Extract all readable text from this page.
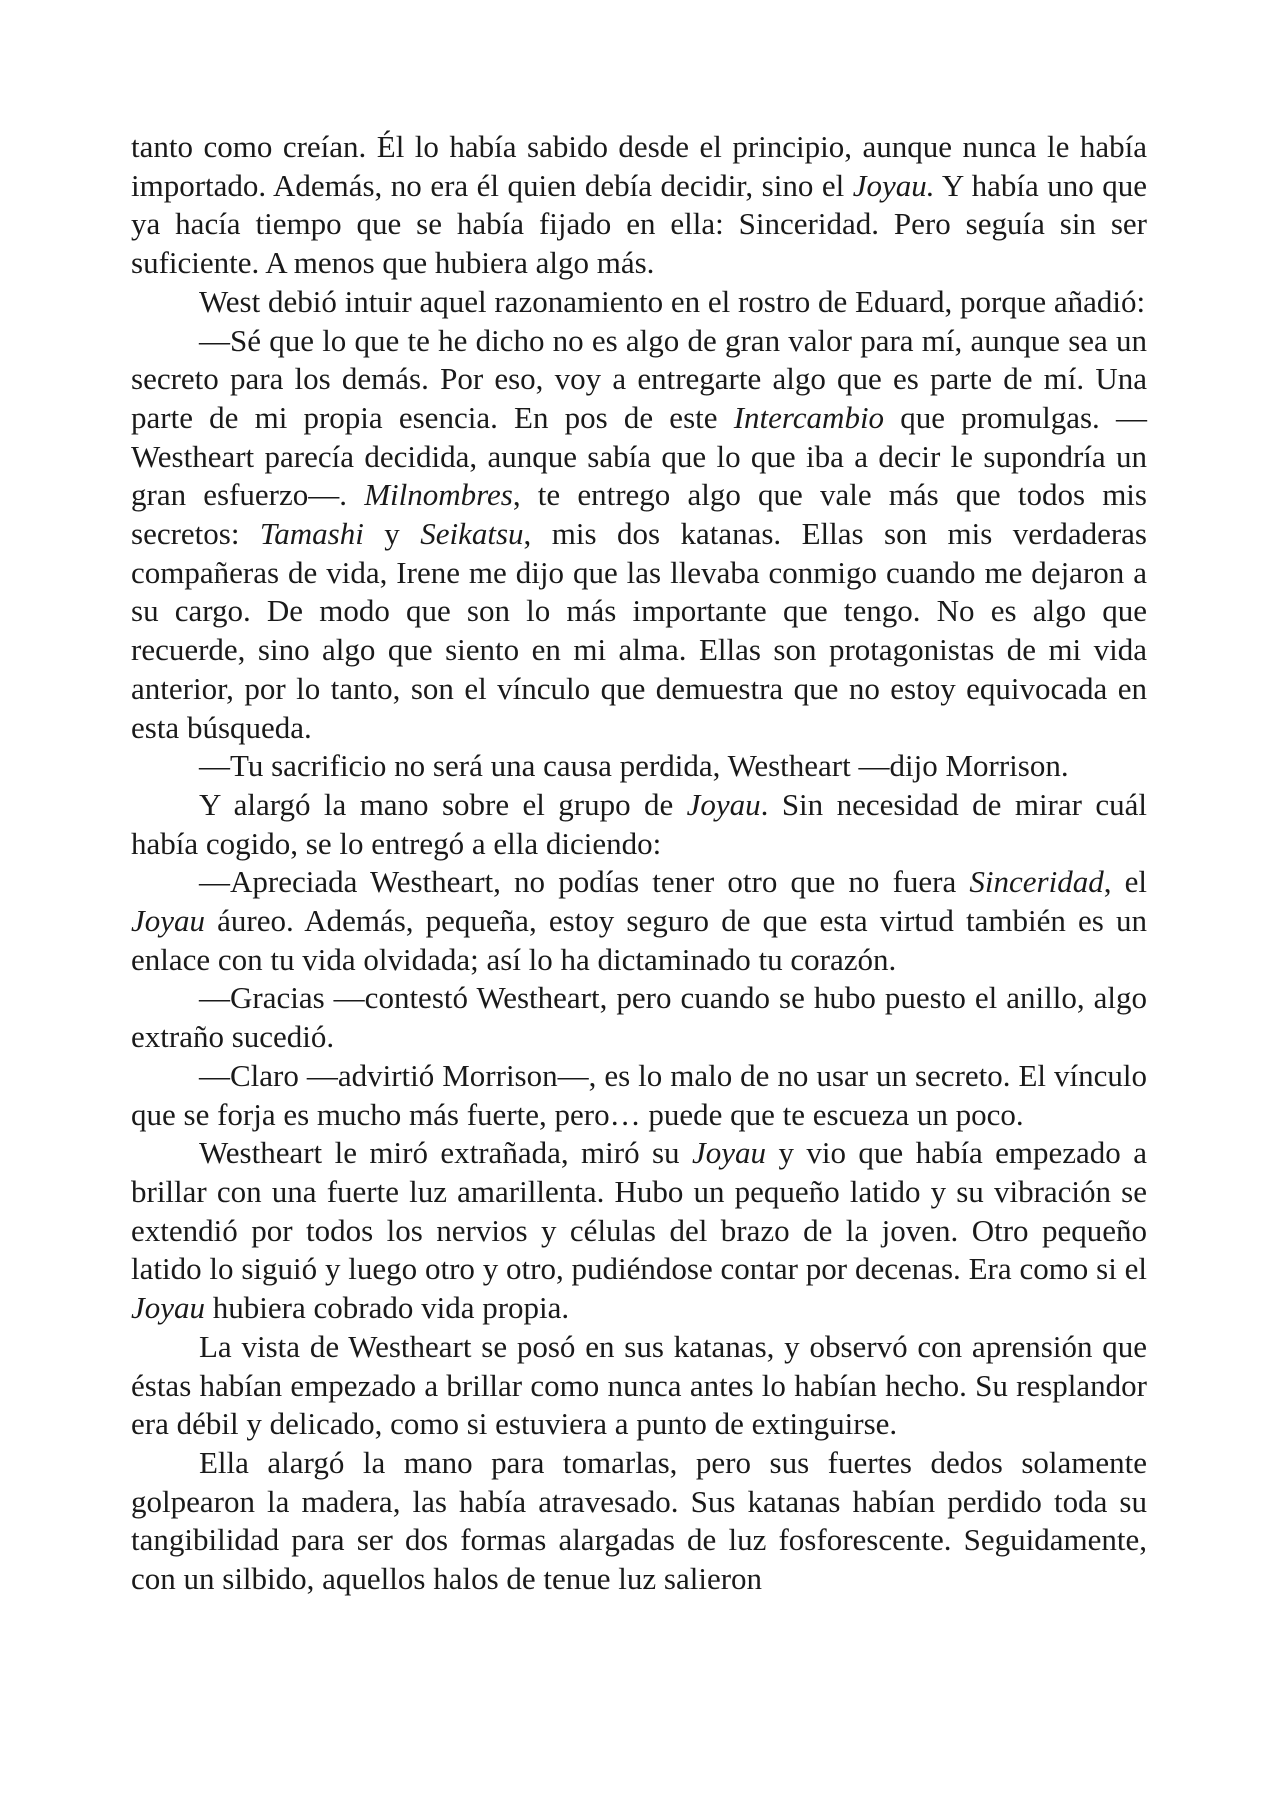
tanto como creían. Él lo había sabido desde el principio, aunque nunca le había importado. Además, no era él quien debía decidir, sino el Joyau. Y había uno que ya hacía tiempo que se había fijado en ella: Sinceridad. Pero seguía sin ser suficiente. A menos que hubiera algo más.

West debió intuir aquel razonamiento en el rostro de Eduard, porque añadió:

—Sé que lo que te he dicho no es algo de gran valor para mí, aunque sea un secreto para los demás. Por eso, voy a entregarte algo que es parte de mí. Una parte de mi propia esencia. En pos de este Intercambio que promulgas. —Westheart parecía decidida, aunque sabía que lo que iba a decir le supondría un gran esfuerzo—. Milnombres, te entrego algo que vale más que todos mis secretos: Tamashi y Seikatsu, mis dos katanas. Ellas son mis verdaderas compañeras de vida, Irene me dijo que las llevaba conmigo cuando me dejaron a su cargo. De modo que son lo más importante que tengo. No es algo que recuerde, sino algo que siento en mi alma. Ellas son protagonistas de mi vida anterior, por lo tanto, son el vínculo que demuestra que no estoy equivocada en esta búsqueda.

—Tu sacrificio no será una causa perdida, Westheart —dijo Morrison.

Y alargó la mano sobre el grupo de Joyau. Sin necesidad de mirar cuál había cogido, se lo entregó a ella diciendo:

—Apreciada Westheart, no podías tener otro que no fuera Sinceridad, el Joyau áureo. Además, pequeña, estoy seguro de que esta virtud también es un enlace con tu vida olvidada; así lo ha dictaminado tu corazón.

—Gracias —contestó Westheart, pero cuando se hubo puesto el anillo, algo extraño sucedió.

—Claro —advirtió Morrison—, es lo malo de no usar un secreto. El vínculo que se forja es mucho más fuerte, pero… puede que te escueza un poco.

Westheart le miró extrañada, miró su Joyau y vio que había empezado a brillar con una fuerte luz amarillenta. Hubo un pequeño latido y su vibración se extendió por todos los nervios y células del brazo de la joven. Otro pequeño latido lo siguió y luego otro y otro, pudiéndose contar por decenas. Era como si el Joyau hubiera cobrado vida propia.

La vista de Westheart se posó en sus katanas, y observó con aprensión que éstas habían empezado a brillar como nunca antes lo habían hecho. Su resplandor era débil y delicado, como si estuviera a punto de extinguirse.

Ella alargó la mano para tomarlas, pero sus fuertes dedos solamente golpearon la madera, las había atravesado. Sus katanas habían perdido toda su tangibilidad para ser dos formas alargadas de luz fosforescente. Seguidamente, con un silbido, aquellos halos de tenue luz salieron
